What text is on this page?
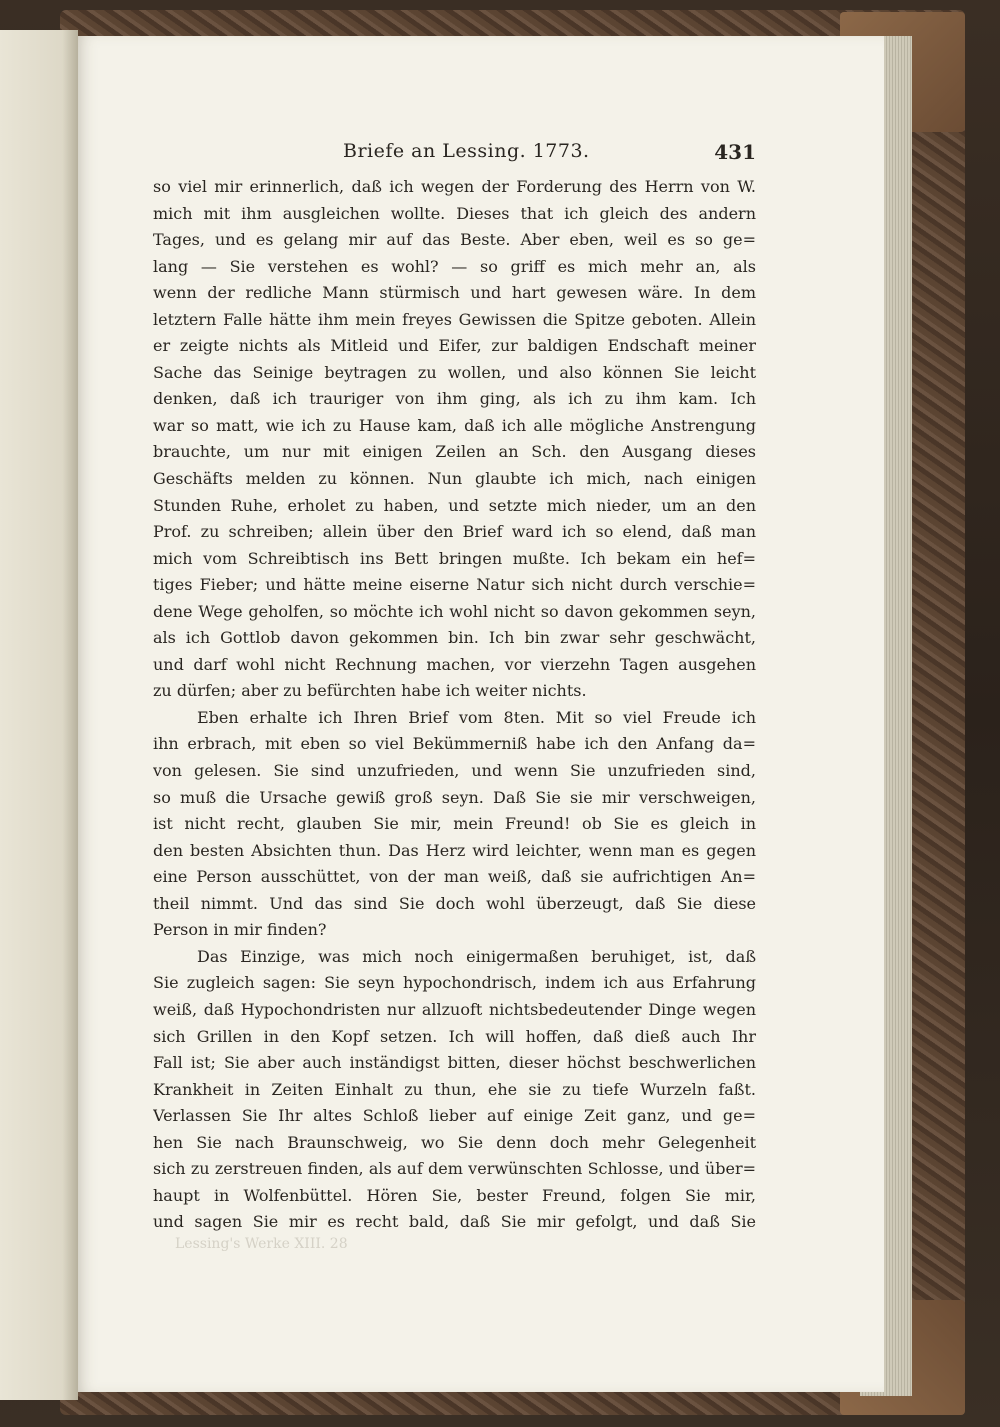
Briefe an Lessing. 1773.	431
so viel mir erinnerlich, daß ich wegen der Forderung des Herrn von W.
mich mit ihm ausgleichen wollte. Dieses that ich gleich des andern
Tages, und es gelang mir auf das Beste. Aber eben, weil es so ge=
lang — Sie verstehen es wohl? — so griff es mich mehr an, als
wenn der redliche Mann stürmisch und hart gewesen wäre. In dem
letztern Falle hätte ihm mein freyes Gewissen die Spitze geboten. Allein
er zeigte nichts als Mitleid und Eifer, zur baldigen Endschaft meiner
Sache das Seinige beytragen zu wollen, und also können Sie leicht
denken, daß ich trauriger von ihm ging, als ich zu ihm kam. Ich
war so matt, wie ich zu Hause kam, daß ich alle mögliche Anstrengung
brauchte, um nur mit einigen Zeilen an Sch. den Ausgang dieses
Geschäfts melden zu können. Nun glaubte ich mich, nach einigen
Stunden Ruhe, erholet zu haben, und setzte mich nieder, um an den
Prof. zu schreiben; allein über den Brief ward ich so elend, daß man
mich vom Schreibtisch ins Bett bringen mußte. Ich bekam ein hef=
tiges Fieber; und hätte meine eiserne Natur sich nicht durch verschie=
dene Wege geholfen, so möchte ich wohl nicht so davon gekommen seyn,
als ich Gottlob davon gekommen bin. Ich bin zwar sehr geschwächt,
und darf wohl nicht Rechnung machen, vor vierzehn Tagen ausgehen
zu dürfen; aber zu befürchten habe ich weiter nichts.
Eben erhalte ich Ihren Brief vom 8ten. Mit so viel Freude ich
ihn erbrach, mit eben so viel Bekümmerniß habe ich den Anfang da=
von gelesen. Sie sind unzufrieden, und wenn Sie unzufrieden sind,
so muß die Ursache gewiß groß seyn. Daß Sie sie mir verschweigen,
ist nicht recht, glauben Sie mir, mein Freund! ob Sie es gleich in
den besten Absichten thun. Das Herz wird leichter, wenn man es gegen
eine Person ausschüttet, von der man weiß, daß sie aufrichtigen An=
theil nimmt. Und das sind Sie doch wohl überzeugt, daß Sie diese
Person in mir finden?
Das Einzige, was mich noch einigermaßen beruhiget, ist, daß
Sie zugleich sagen: Sie seyn hypochondrisch, indem ich aus Erfahrung
weiß, daß Hypochondristen nur allzuoft nichtsbedeutender Dinge wegen
sich Grillen in den Kopf setzen. Ich will hoffen, daß dieß auch Ihr
Fall ist; Sie aber auch inständigst bitten, dieser höchst beschwerlichen
Krankheit in Zeiten Einhalt zu thun, ehe sie zu tiefe Wurzeln faßt.
Verlassen Sie Ihr altes Schloß lieber auf einige Zeit ganz, und ge=
hen Sie nach Braunschweig, wo Sie denn doch mehr Gelegenheit
sich zu zerstreuen finden, als auf dem verwünschten Schlosse, und über=
haupt in Wolfenbüttel. Hören Sie, bester Freund, folgen Sie mir,
und sagen Sie mir es recht bald, daß Sie mir gefolgt, und daß Sie
Lessing's Werke XIII. 28
